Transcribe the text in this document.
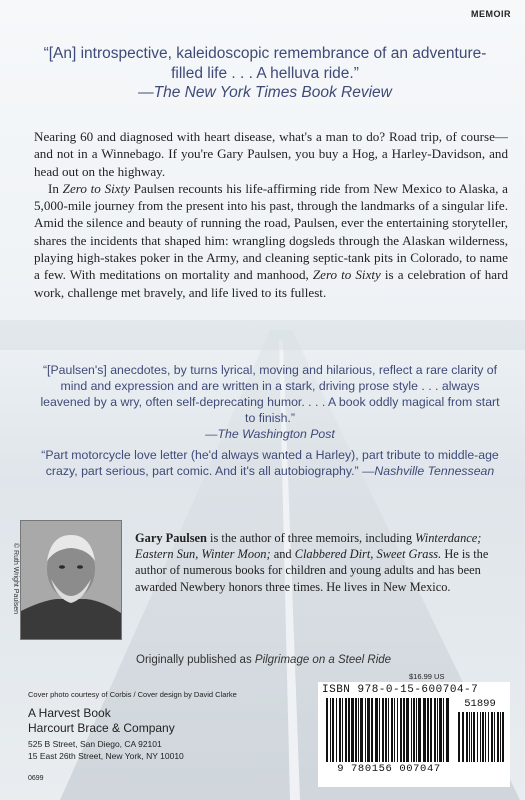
MEMOIR
“[An] introspective, kaleidoscopic remembrance of an adventure-filled life . . . A helluva ride.”
—The New York Times Book Review

Nearing 60 and diagnosed with heart disease, what's a man to do? Road trip, of course—and not in a Winnebago. If you're Gary Paulsen, you buy a Hog, a Harley-Davidson, and head out on the highway.

In Zero to Sixty Paulsen recounts his life-affirming ride from New Mexico to Alaska, a 5,000-mile journey from the present into his past, through the landmarks of a singular life. Amid the silence and beauty of running the road, Paulsen, ever the entertaining storyteller, shares the incidents that shaped him: wrangling dogsleds through the Alaskan wilderness, playing high-stakes poker in the Army, and cleaning septic-tank pits in Colorado, to name a few. With meditations on mortality and manhood, Zero to Sixty is a celebration of hard work, challenge met bravely, and life lived to its fullest.

“[Paulsen's] anecdotes, by turns lyrical, moving and hilarious, reflect a rare clarity of mind and expression and are written in a stark, driving prose style . . . always leavened by a wry, often self-deprecating humor. . . . A book oddly magical from start to finish.”
—The Washington Post
“Part motorcycle love letter (he'd always wanted a Harley), part tribute to middle-age crazy, part serious, part comic. And it's all autobiography.” —Nashville Tennessean
© Ruth Wright Paulsen
Gary Paulsen is the author of three memoirs, including Winterdance; Eastern Sun, Winter Moon; and Clabbered Dirt, Sweet Grass. He is the author of numerous books for children and young adults and has been awarded Newbery honors three times. He lives in New Mexico.
Originally published as Pilgrimage on a Steel Ride
$16.99 US
Cover photo courtesy of Corbis / Cover design by David Clarke
A Harvest Book
Harcourt Brace & Company
525 B Street, San Diego, CA 92101
15 East 26th Street, New York, NY 10010
0699
ISBN 978-0-15-600704-7
9 780156 007047
51899
